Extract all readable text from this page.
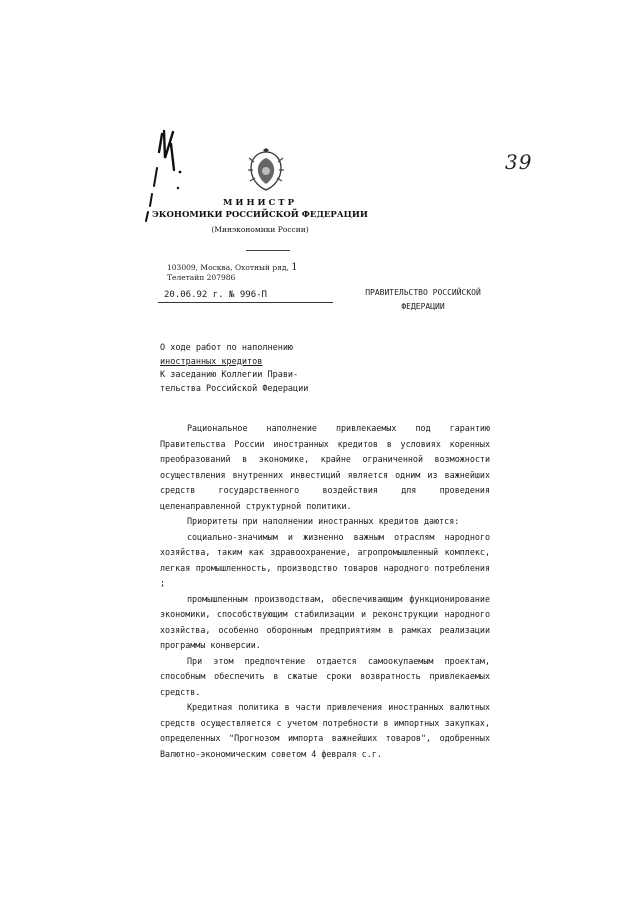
39
МИНИСТР
ЭКОНОМИКИ РОССИЙСКОЙ ФЕДЕРАЦИИ
(Минэкономики России)
103009, Москва, Охотный ряд, 1
Телетайп 207986
20.06.92 г. № 996-П	ПРАВИТЕЛЬСТВО РОССИЙСКОЙ
ФЕДЕРАЦИИ
О ходе работ по наполнению
иностранных кредитов
К заседанию Коллегии Прави-
тельства Российской Федерации

Рациональное наполнение привлекаемых под гарантию Правительства России иностранных кредитов в условиях коренных преобразований в экономике, крайне ограниченной возможности осуществления внутренних инвестиций является одним из важнейших средств государственного воздействия для проведения целенаправленной структурной политики.

Приоритеты при наполнении иностранных кредитов даются:

социально-значимым и жизненно важным отраслям народного хозяйства, таким как здравоохранение, агропромышленный комплекс, легкая промышленность, производство товаров народного потребления ;

промышленным производствам, обеспечивающим функционирование экономики, способствующим стабилизации и реконструкции народного хозяйства, особенно оборонным предприятиям в рамках реализации программы конверсии.

При этом предпочтение отдается самоокупаемым проектам, способным обеспечить в сжатые сроки возвратность привлекаемых средств.

Кредитная политика в части привлечения иностранных валютных средств осуществляется с учетом потребности в импортных закупках, определенных "Прогнозом импорта важнейших товаров", одобренных Валютно-экономическим советом 4 февраля с.г.
